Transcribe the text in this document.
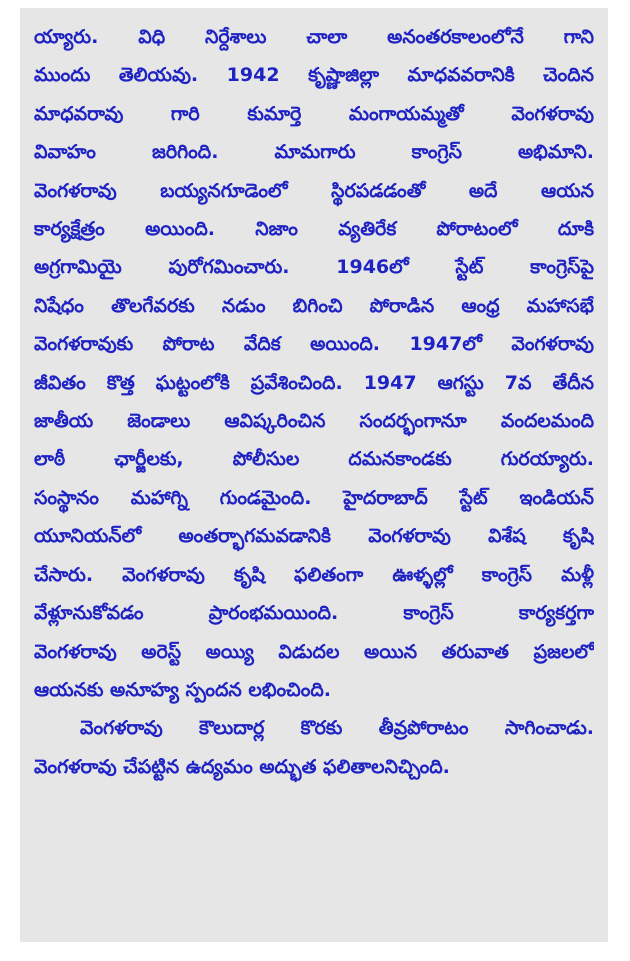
య్యారు. విధి నిర్దేశాలు చాలా అనంతరకాలంలోనే గాని
ముందు తెలియవు. 1942 కృష్ణాజిల్లా మాధవవరానికి చెందిన
మాధవరావు గారి కుమార్తె మంగాయమ్మతో వెంగళరావు
వివాహం జరిగింది. మామగారు కాంగ్రెస్ అభిమాని.
వెంగళరావు బయ్యనగూడెంలో స్థిరపడడంతో అదే ఆయన
కార్యక్షేత్రం అయింది. నిజాం వ్యతిరేక పోరాటంలో దూకి
అగ్రగామియై పురోగమించారు. 1946లో స్టేట్ కాంగ్రెస్‌పై
నిషేధం తొలగేవరకు నడుం బిగించి పోరాడిన ఆంధ్ర మహాసభే
వెంగళరావుకు పోరాట వేదిక అయింది. 1947లో వెంగళరావు
జీవితం కొత్త ఘట్టంలోకి ప్రవేశించింది. 1947 ఆగస్టు 7వ తేదీన
జాతీయ జెండాలు ఆవిష్కరించిన సందర్భంగానూ వందలమంది
లాఠీ ఛార్జీలకు, పోలీసుల దమనకాండకు గురయ్యారు.
సంస్థానం మహాగ్ని గుండమైంది. హైదరాబాద్ స్టేట్ ఇండియన్
యూనియన్‌లో అంతర్భాగమవడానికి వెంగళరావు విశేష కృషి
చేసారు. వెంగళరావు కృషి ఫలితంగా ఊళ్ళల్లో కాంగ్రెస్ మళ్లీ
వేళ్లూనుకోవడం ప్రారంభమయింది. కాంగ్రెస్ కార్యకర్తగా
వెంగళరావు అరెస్ట్ అయ్యి విడుదల అయిన తరువాత ప్రజలలో
ఆయనకు అనూహ్య స్పందన లభించింది.

వెంగళరావు కౌలుదార్ల కొరకు తీవ్రపోరాటం సాగించాడు.
వెంగళరావు చేపట్టిన ఉద్యమం అద్భుత ఫలితాలనిచ్చింది.
